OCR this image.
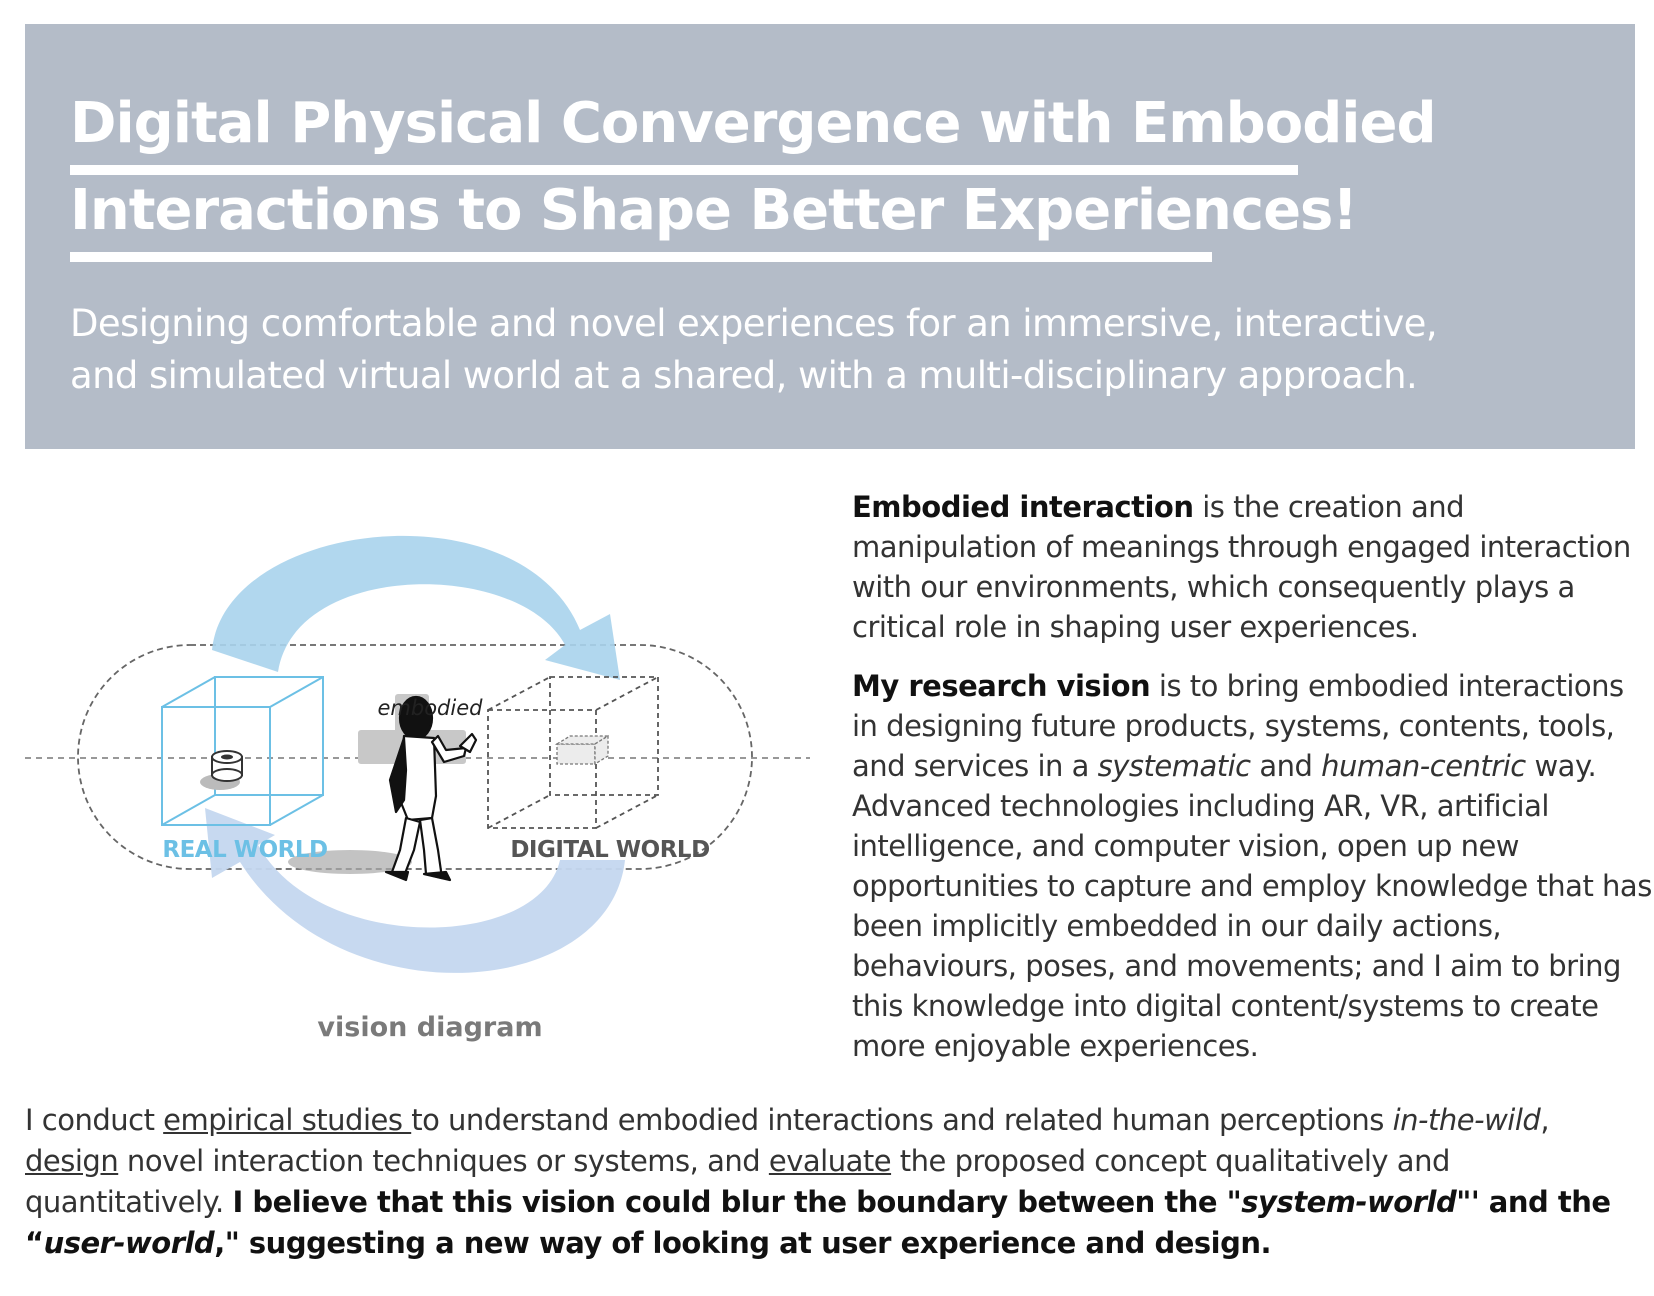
Digital Physical Convergence with Embodied
Interactions to Shape Better Experiences!
Designing comfortable and novel experiences for an immersive, interactive, and simulated virtual world at a shared, with a multi-disciplinary approach.
embodied
REAL WORLD	DIGITAL WORLD
vision diagram
Embodied interaction is the creation and manipulation of meanings through engaged interaction with our environments, which consequently plays a critical role in shaping user experiences.
My research vision is to bring embodied interactions in designing future products, systems, contents, tools, and services in a systematic and human-centric way. Advanced technologies including AR, VR, artificial intelligence, and computer vision, open up new opportunities to capture and employ knowledge that has been implicitly embedded in our daily actions, behaviours, poses, and movements; and I aim to bring this knowledge into digital content/systems to create more enjoyable experiences.
I conduct empirical studies to understand embodied interactions and related human perceptions in-the-wild, design novel interaction techniques or systems, and evaluate the proposed concept qualitatively and quantitatively. I believe that this vision could blur the boundary between the "system-world"' and the “user-world," suggesting a new way of looking at user experience and design.
